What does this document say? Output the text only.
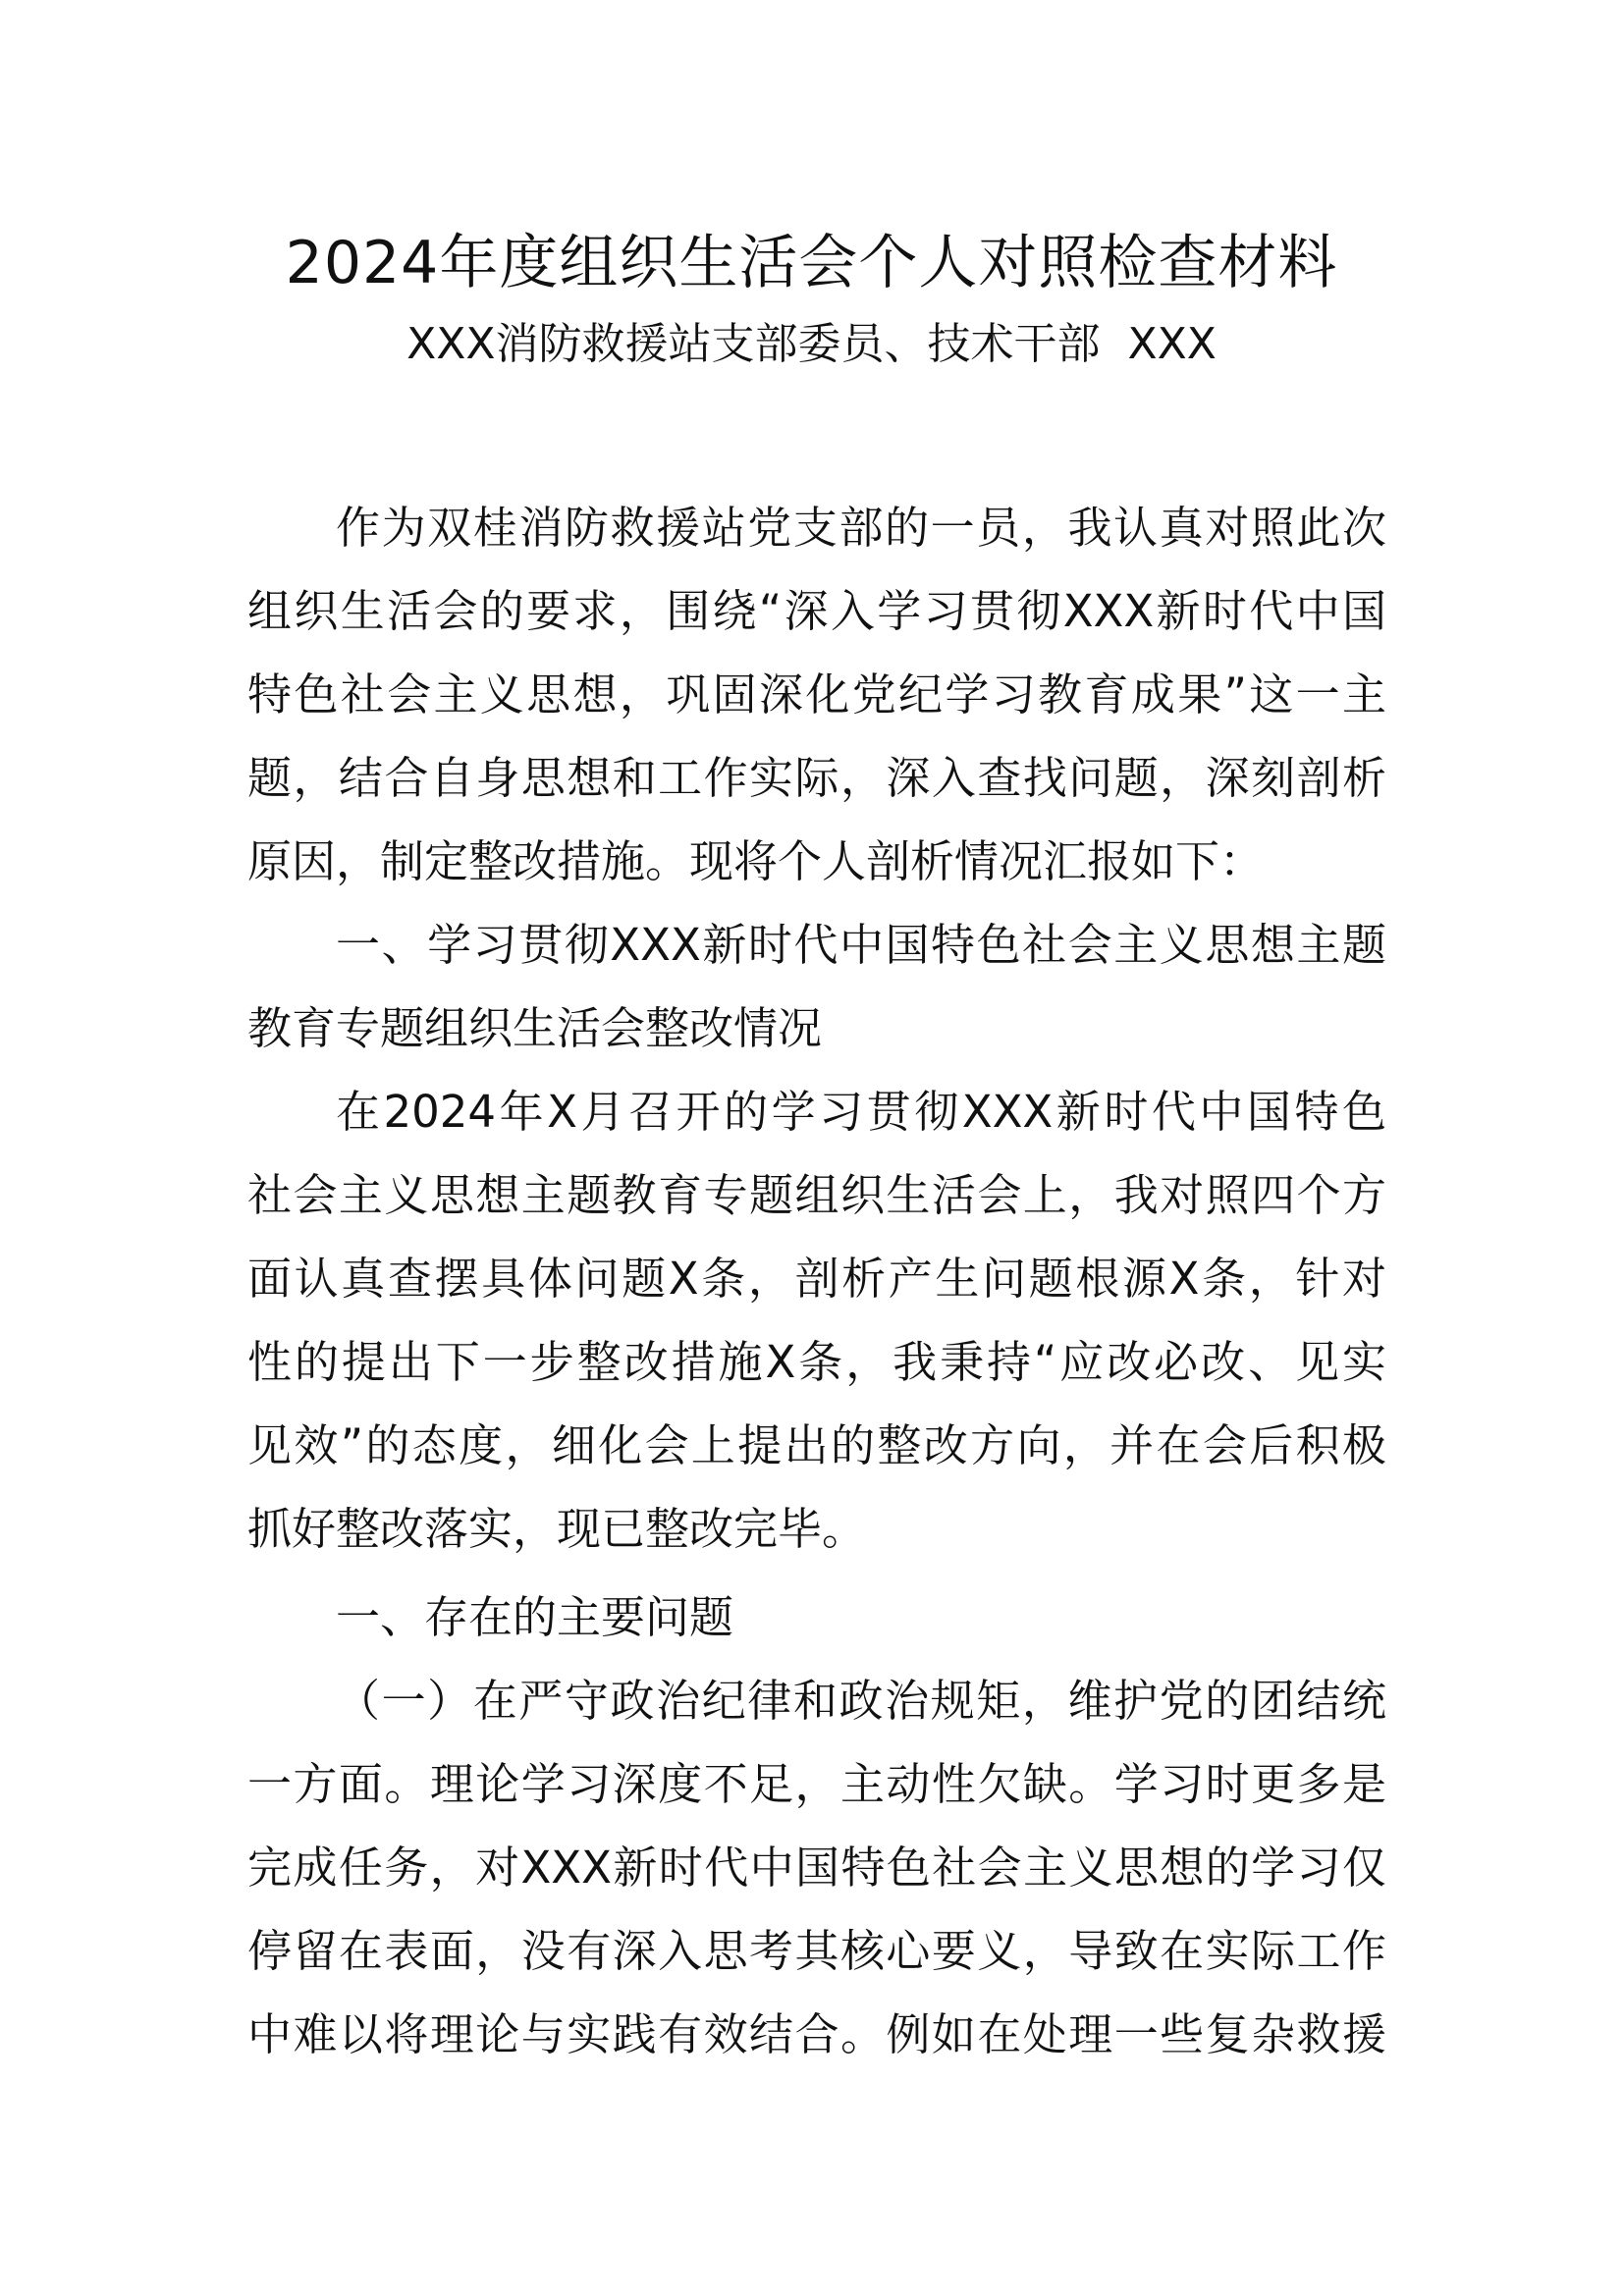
2024年度组织生活会个人对照检查材料
XXX消防救援站支部委员、技术干部 XXX
作为双桂消防救援站党支部的一员，我认真对照此次
组织生活会的要求，围绕“深入学习贯彻XXX新时代中国
特色社会主义思想，巩固深化党纪学习教育成果”这一主
题，结合自身思想和工作实际，深入查找问题，深刻剖析
原因，制定整改措施。现将个人剖析情况汇报如下：
一、学习贯彻XXX新时代中国特色社会主义思想主题
教育专题组织生活会整改情况
在2024年X月召开的学习贯彻XXX新时代中国特色
社会主义思想主题教育专题组织生活会上，我对照四个方
面认真查摆具体问题X条，剖析产生问题根源X条，针对
性的提出下一步整改措施X条，我秉持“应改必改、见实
见效”的态度，细化会上提出的整改方向，并在会后积极
抓好整改落实，现已整改完毕。
一、存在的主要问题
（一）在严守政治纪律和政治规矩，维护党的团结统
一方面。理论学习深度不足，主动性欠缺。学习时更多是
完成任务，对XXX新时代中国特色社会主义思想的学习仅
停留在表面，没有深入思考其核心要义，导致在实际工作
中难以将理论与实践有效结合。例如在处理一些复杂救援
